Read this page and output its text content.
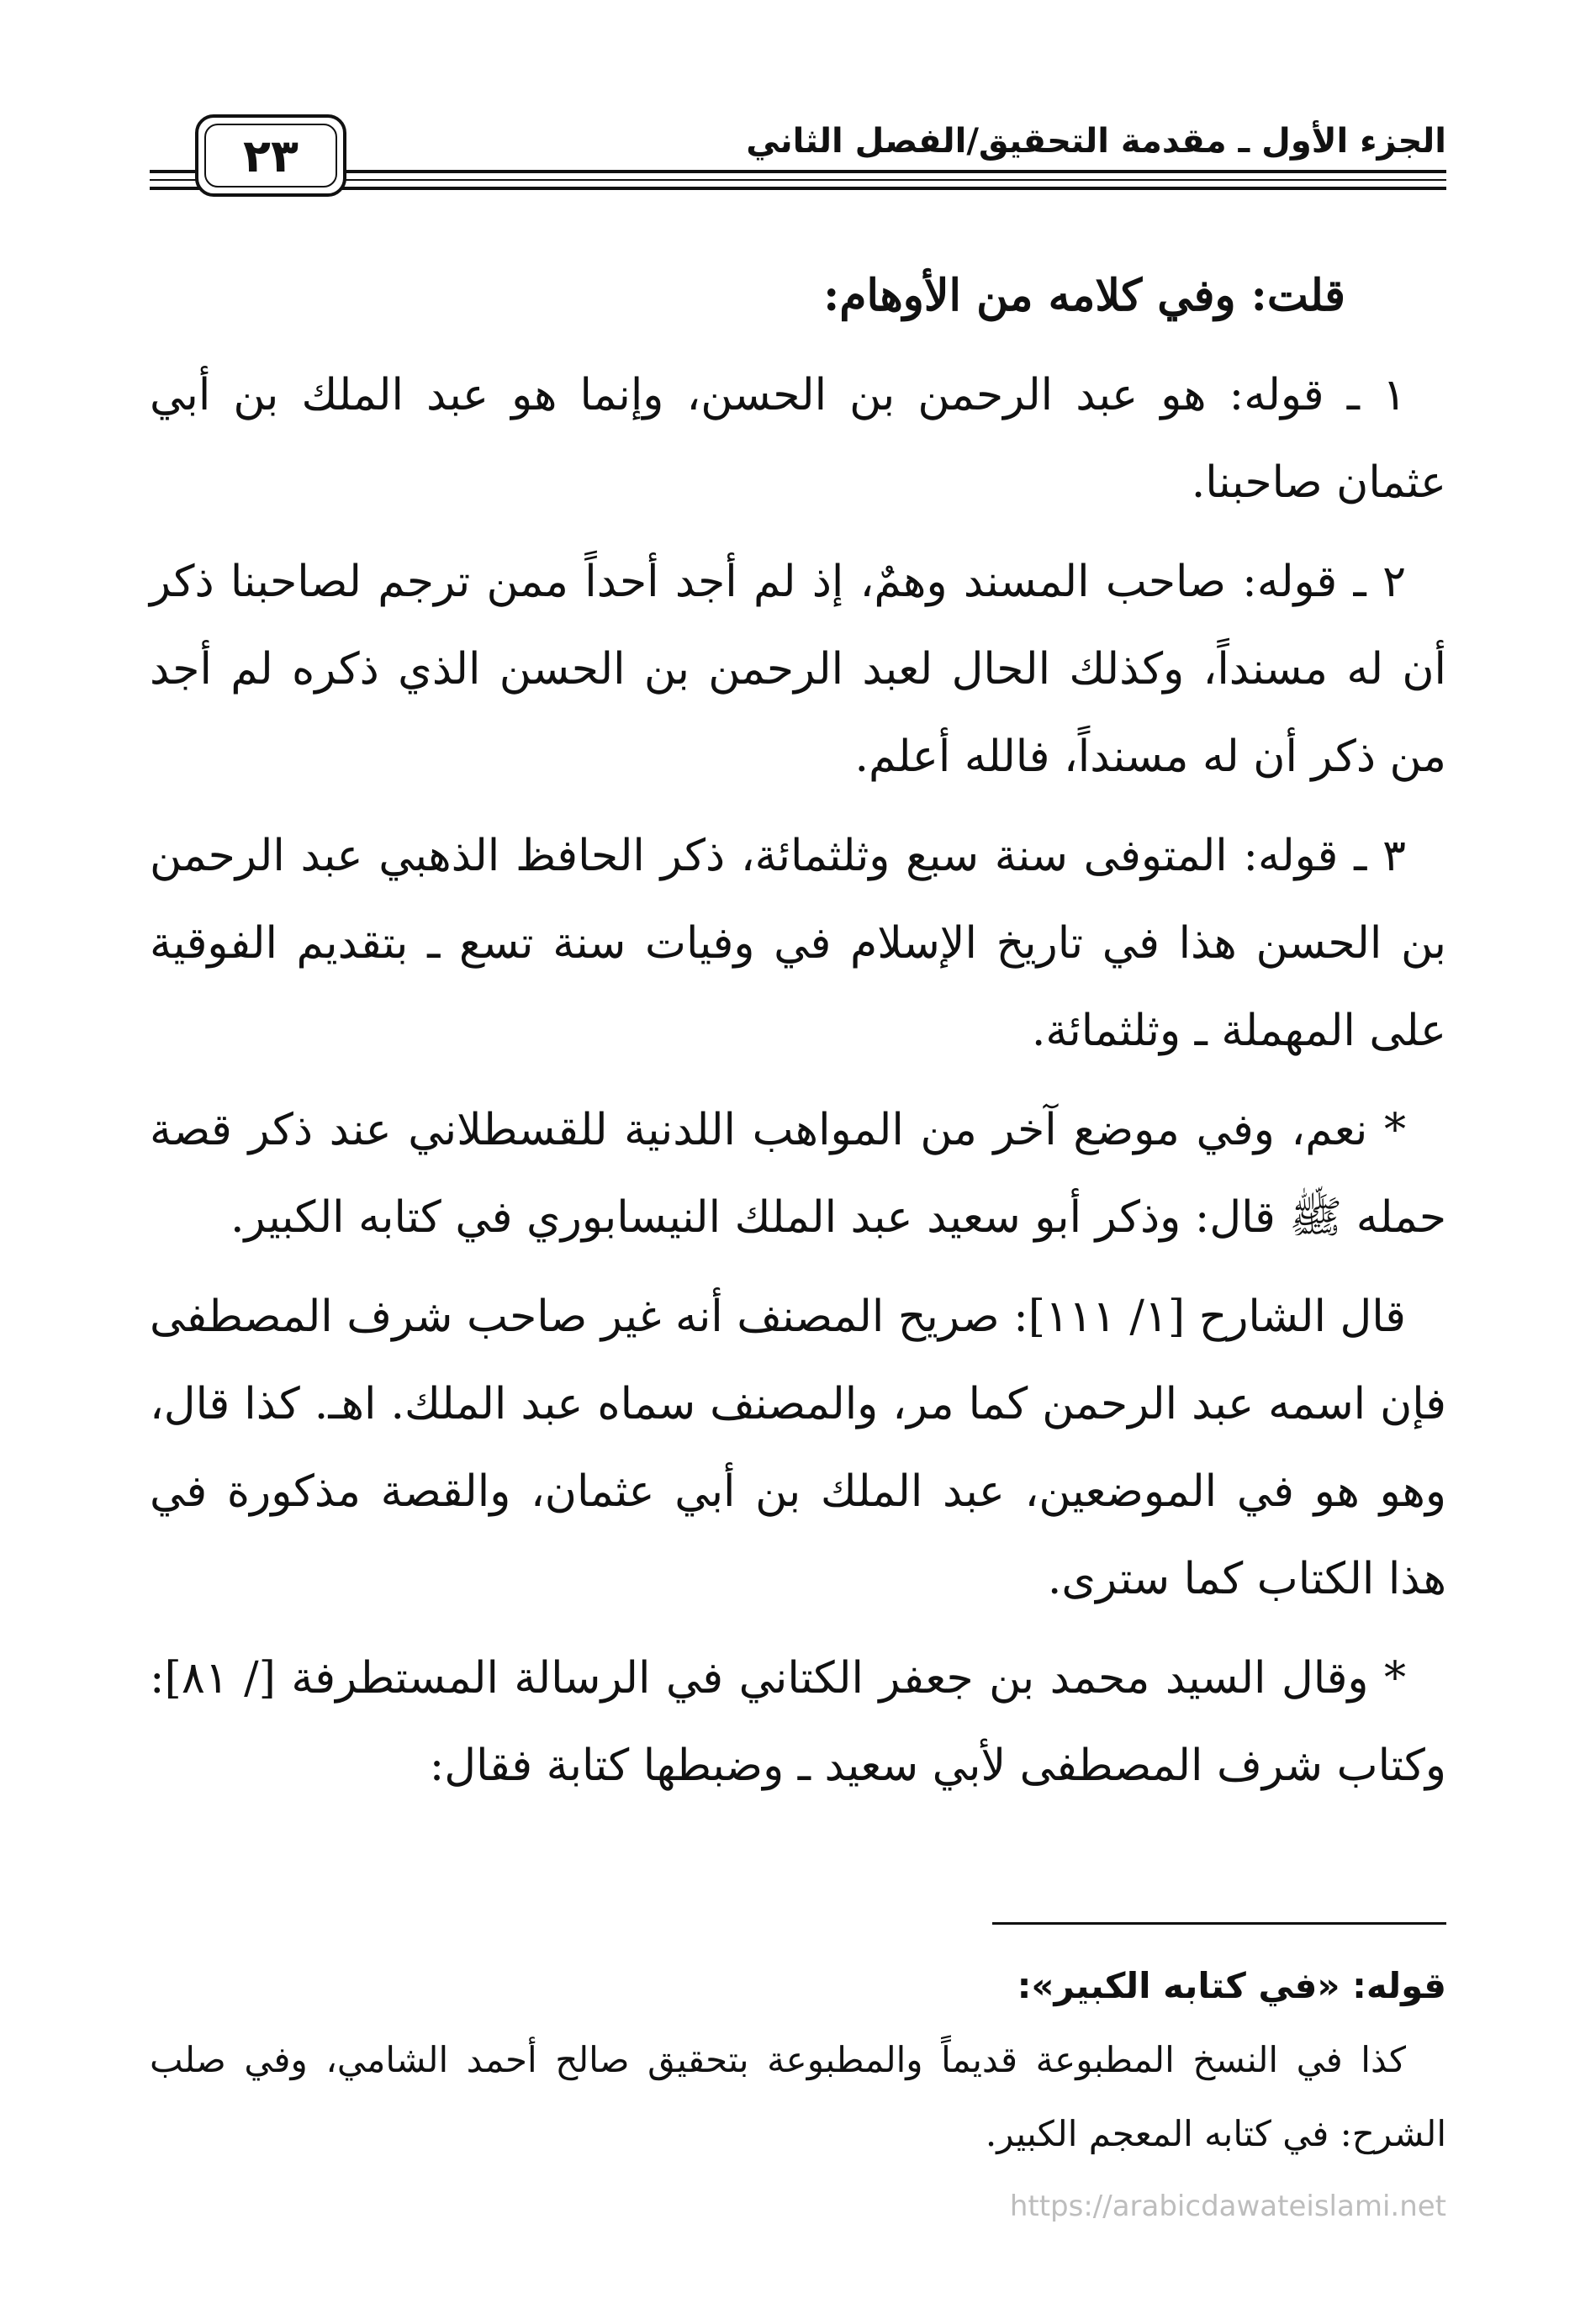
الجزء الأول ـ مقدمة التحقيق/الفصل الثاني
٢٣

قلت: وفي كلامه من الأوهام:

١ ـ قوله: هو عبد الرحمن بن الحسن، وإنما هو عبد الملك بن أبي عثمان صاحبنا.

٢ ـ قوله: صاحب المسند وهمٌ، إذ لم أجد أحداً ممن ترجم لصاحبنا ذكر أن له مسنداً، وكذلك الحال لعبد الرحمن بن الحسن الذي ذكره لم أجد من ذكر أن له مسنداً، فالله أعلم.

٣ ـ قوله: المتوفى سنة سبع وثلثمائة، ذكر الحافظ الذهبي عبد الرحمن بن الحسن هذا في تاريخ الإسلام في وفيات سنة تسع ـ بتقديم الفوقية على المهملة ـ وثلثمائة.

* نعم، وفي موضع آخر من المواهب اللدنية للقسطلاني عند ذكر قصة حمله ﷺ قال: وذكر أبو سعيد عبد الملك النيسابوري في كتابه الكبير.

قال الشارح [١/ ١١١]: صريح المصنف أنه غير صاحب شرف المصطفى فإن اسمه عبد الرحمن كما مر، والمصنف سماه عبد الملك. اهـ. كذا قال، وهو هو في الموضعين، عبد الملك بن أبي عثمان، والقصة مذكورة في هذا الكتاب كما سترى.

* وقال السيد محمد بن جعفر الكتاني في الرسالة المستطرفة [/ ٨١]: وكتاب شرف المصطفى لأبي سعيد ـ وضبطها كتابة فقال:

قوله: «في كتابه الكبير»:

كذا في النسخ المطبوعة قديماً والمطبوعة بتحقيق صالح أحمد الشامي، وفي صلب الشرح: في كتابه المعجم الكبير.

https://arabicdawateislami.net
